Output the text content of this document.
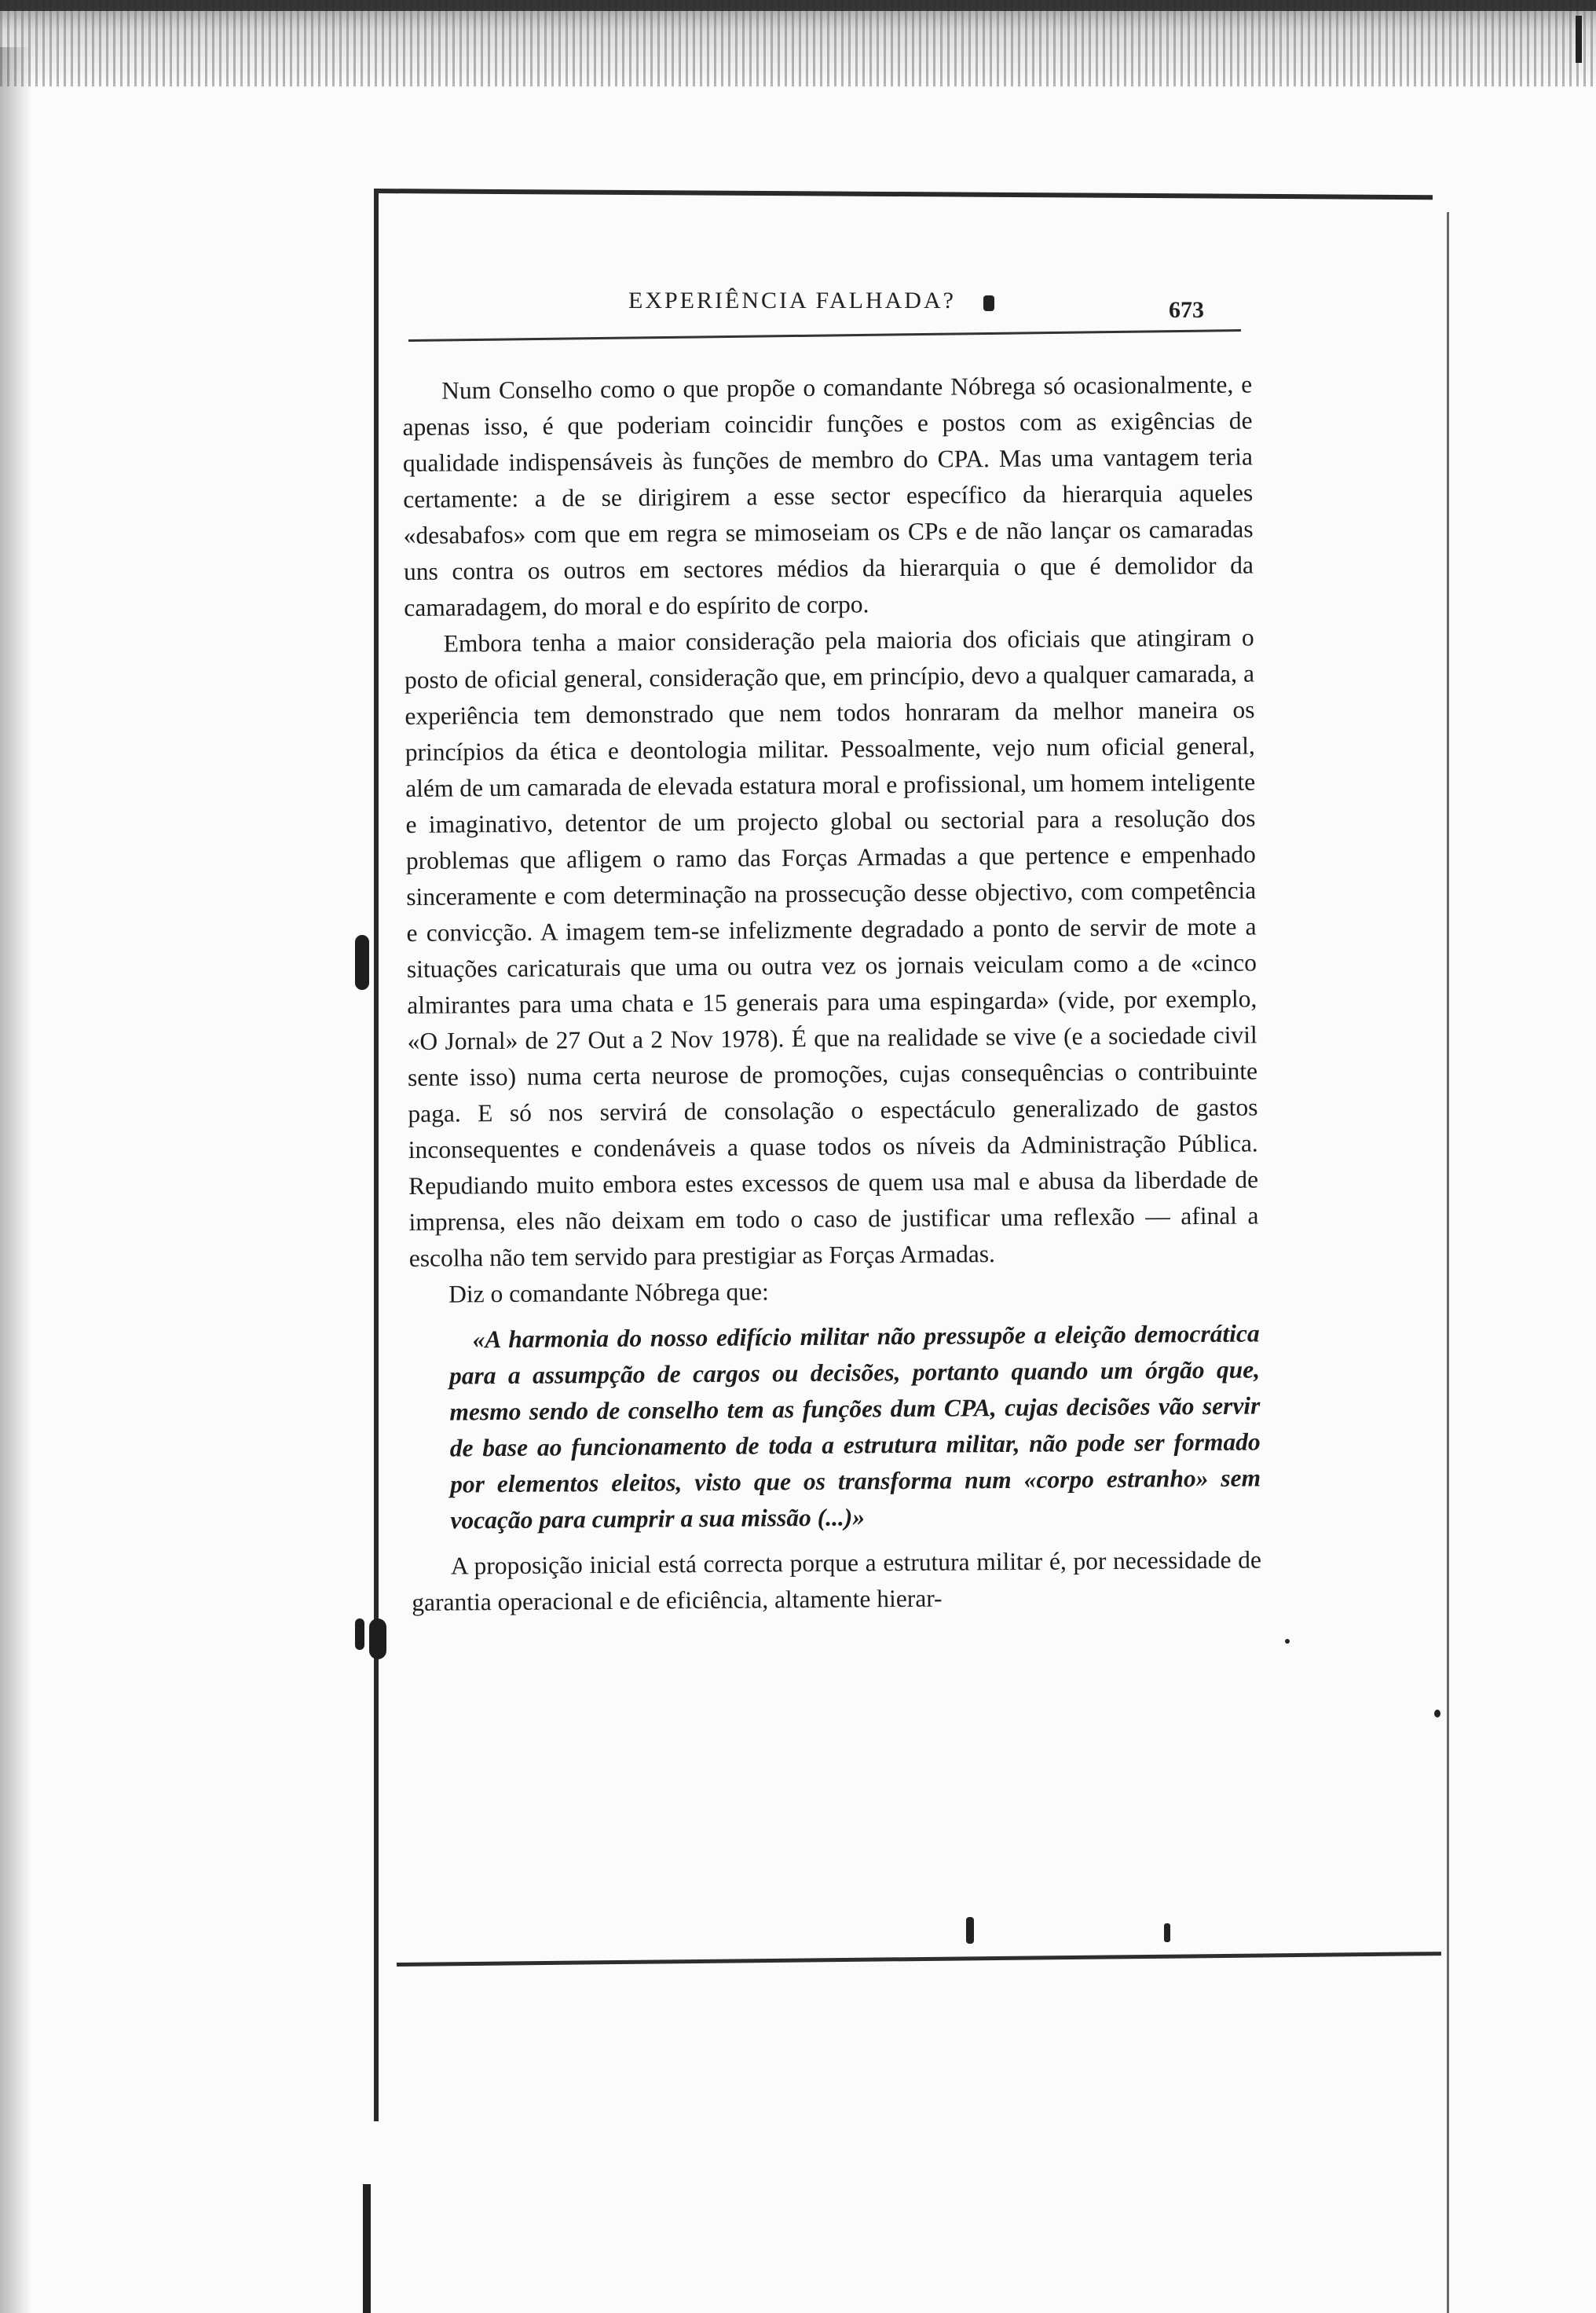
EXPERIÊNCIA FALHADA?	673

Num Conselho como o que propõe o comandante Nóbrega só ocasionalmente, e apenas isso, é que poderiam coincidir funções e postos com as exigências de qualidade indispensáveis às funções de membro do CPA. Mas uma vantagem teria certamente: a de se dirigirem a esse sector específico da hierarquia aqueles «desabafos» com que em regra se mimoseiam os CPs e de não lançar os camaradas uns contra os outros em sectores médios da hierarquia o que é demolidor da camaradagem, do moral e do espírito de corpo.

Embora tenha a maior consideração pela maioria dos oficiais que atingiram o posto de oficial general, consideração que, em princípio, devo a qualquer camarada, a experiência tem demonstrado que nem todos honraram da melhor maneira os princípios da ética e deontologia militar. Pessoalmente, vejo num oficial general, além de um camarada de elevada estatura moral e profissional, um homem inteligente e imaginativo, detentor de um projecto global ou sectorial para a resolução dos problemas que afligem o ramo das Forças Armadas a que pertence e empenhado sinceramente e com determinação na prossecução desse objectivo, com competência e convicção. A imagem tem-se infelizmente degradado a ponto de servir de mote a situações caricaturais que uma ou outra vez os jornais veiculam como a de «cinco almirantes para uma chata e 15 generais para uma espingarda» (vide, por exemplo, «O Jornal» de 27 Out a 2 Nov 1978). É que na realidade se vive (e a sociedade civil sente isso) numa certa neurose de promoções, cujas consequências o contribuinte paga. E só nos servirá de consolação o espectáculo generalizado de gastos inconsequentes e condenáveis a quase todos os níveis da Administração Pública. Repudiando muito embora estes excessos de quem usa mal e abusa da liberdade de imprensa, eles não deixam em todo o caso de justificar uma reflexão — afinal a escolha não tem servido para prestigiar as Forças Armadas.

Diz o comandante Nóbrega que:

«A harmonia do nosso edifício militar não pressupõe a eleição democrática para a assumpção de cargos ou decisões, portanto quando um órgão que, mesmo sendo de conselho tem as funções dum CPA, cujas decisões vão servir de base ao funcionamento de toda a estrutura militar, não pode ser formado por elementos eleitos, visto que os transforma num «corpo estranho» sem vocação para cumprir a sua missão (...)»

A proposição inicial está correcta porque a estrutura militar é, por necessidade de garantia operacional e de eficiência, altamente hierar-
